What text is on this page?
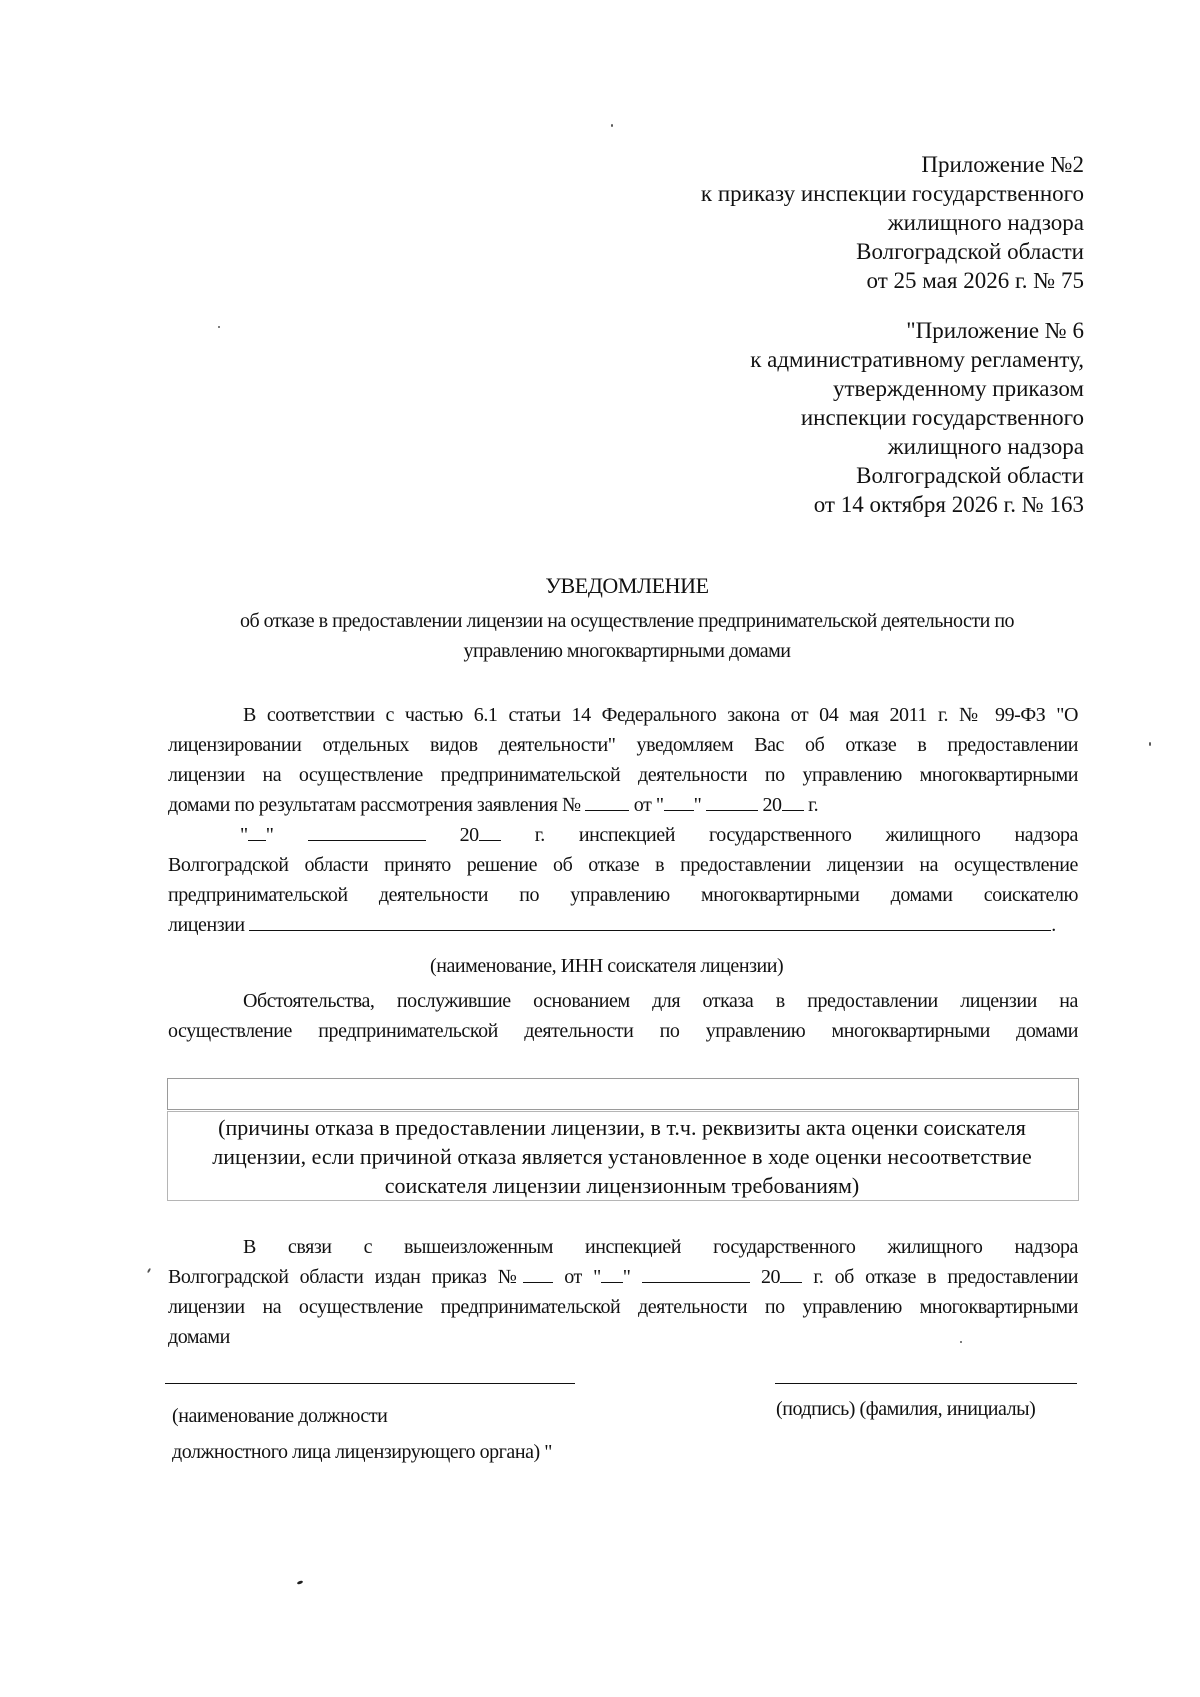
Приложение №2
к приказу инспекции государственного
жилищного надзора
Волгоградской области
от 25 мая 2026 г. № 75
"Приложение № 6
к административному регламенту,
утвержденному приказом
инспекции государственного
жилищного надзора
Волгоградской области
от 14 октября 2026 г. № 163
УВЕДОМЛЕНИЕ
об отказе в предоставлении лицензии на осуществление предпринимательской деятельности по
управлению многоквартирными домами
В соответствии с частью 6.1 статьи 14 Федерального закона от 04 мая 2011 г. № 99-ФЗ "О
лицензировании отдельных видов деятельности" уведомляем Вас об отказе в предоставлении
лицензии на осуществление предпринимательской деятельности по управлению многоквартирными
домами по результатам рассмотрения заявления №	от " "	20 г.
" "	20	г. инспекцией государственного жилищного надзора
Волгоградской области принято решение об отказе в предоставлении лицензии на осуществление
предпринимательской деятельности по управлению многоквартирными домами соискателю
лицензии	.
(наименование, ИНН соискателя лицензии)
Обстоятельства, послужившие основанием для отказа в предоставлении лицензии на
осуществление предпринимательской деятельности по управлению многоквартирными домами
(причины отказа в предоставлении лицензии, в т.ч. реквизиты акта оценки соискателя
лицензии, если причиной отказа является установленное в ходе оценки несоответствие
соискателя лицензии лицензионным требованиям)
В связи с вышеизложенным инспекцией государственного жилищного надзора
Волгоградской области издан приказ № от " "	20 г. об отказе в предоставлении
лицензии на осуществление предпринимательской деятельности по управлению многоквартирными
домами
(наименование должности
должностного лица лицензирующего органа) "
(подпись) (фамилия, инициалы)
